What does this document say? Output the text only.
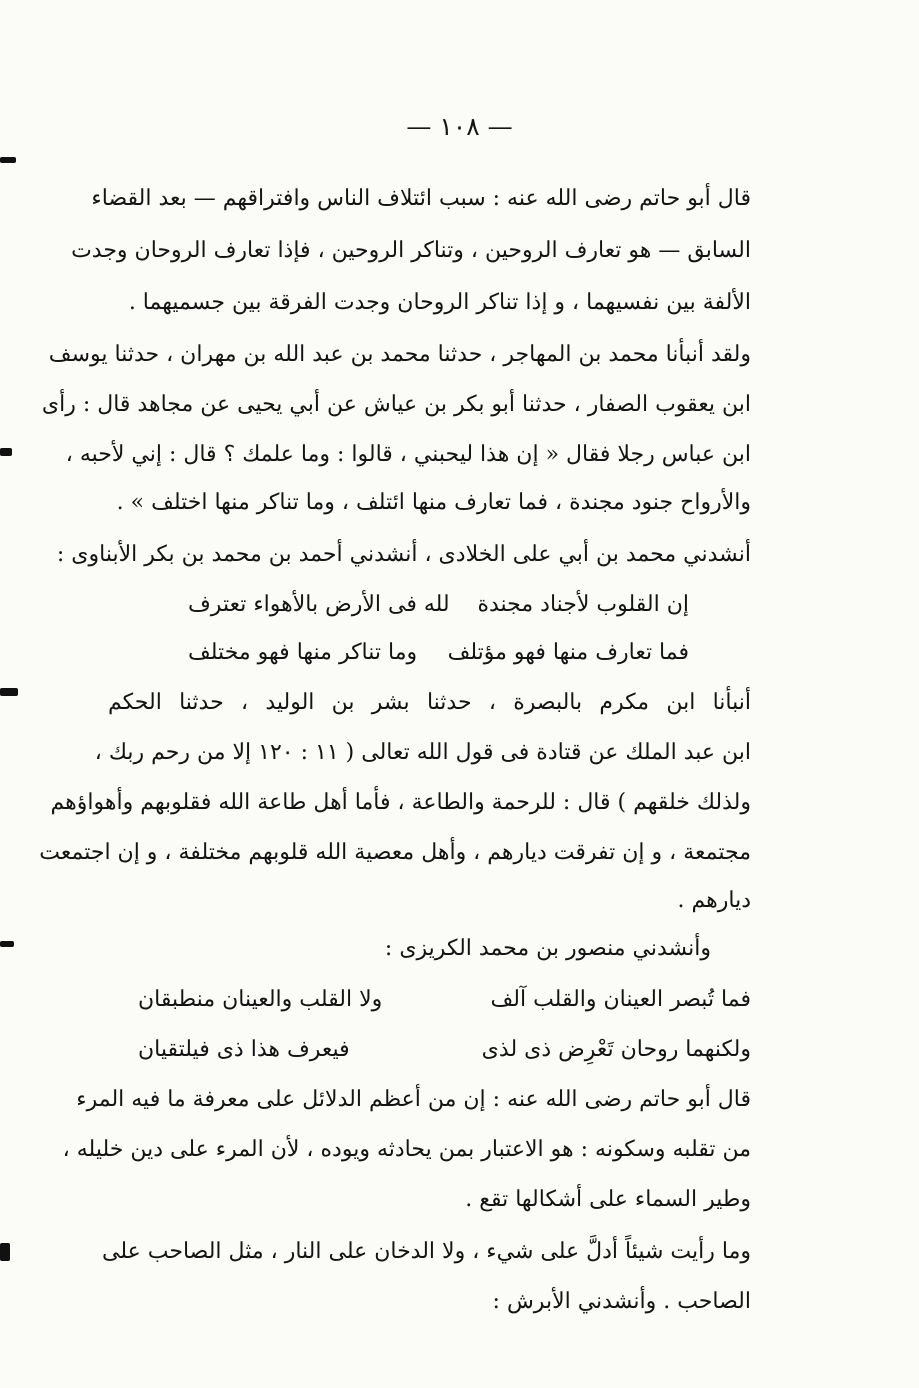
— ١٠٨ —
قال أبو حاتم رضى الله عنه : سبب ائتلاف الناس وافتراقهم — بعد القضاء
السابق — هو تعارف الروحين ، وتناكر الروحين ، فإذا تعارف الروحان وجدت
الألفة بين نفسيهما ، و إذا تناكر الروحان وجدت الفرقة بين جسميهما .
ولقد أنبأنا محمد بن المهاجر ، حدثنا محمد بن عبد الله بن مهران ، حدثنا يوسف
ابن يعقوب الصفار ، حدثنا أبو بكر بن عياش عن أبي يحيى عن مجاهد قال : رأى
ابن عباس رجلا فقال « إن هذا ليحبني ، قالوا : وما علمك ؟ قال : إني لأحبه ،
والأرواح جنود مجندة ، فما تعارف منها ائتلف ، وما تناكر منها اختلف » .
أنشدني محمد بن أبي على الخلادى ، أنشدني أحمد بن محمد بن بكر الأبناوى :
إن القلوب لأجناد مجندة
لله فى الأرض بالأهواء تعترف
فما تعارف منها فهو مؤتلف
وما تناكر منها فهو مختلف
أنبأنا ابن مكرم بالبصرة ، حدثنا بشر بن الوليد ، حدثنا الحكم
ابن عبد الملك عن قتادة فى قول الله تعالى ( ١١ : ١٢٠ إلا من رحم ربك ،
ولذلك خلقهم ) قال : للرحمة والطاعة ، فأما أهل طاعة الله فقلوبهم وأهواؤهم
مجتمعة ، و إن تفرقت ديارهم ، وأهل معصية الله قلوبهم مختلفة ، و إن اجتمعت
ديارهم .
وأنشدني منصور بن محمد الكريزى :
فما تُبصر العينان والقلب آلف
ولا القلب والعينان منطبقان
ولكنهما روحان تَعْرِض ذى لذى
فيعرف هذا ذى فيلتقيان
قال أبو حاتم رضى الله عنه : إن من أعظم الدلائل على معرفة ما فيه المرء
من تقلبه وسكونه : هو الاعتبار بمن يحادثه ويوده ، لأن المرء على دين خليله ،
وطير السماء على أشكالها تقع .
وما رأيت شيئاً أدلَّ على شيء ، ولا الدخان على النار ، مثل الصاحب على
الصاحب . وأنشدني الأبرش :
